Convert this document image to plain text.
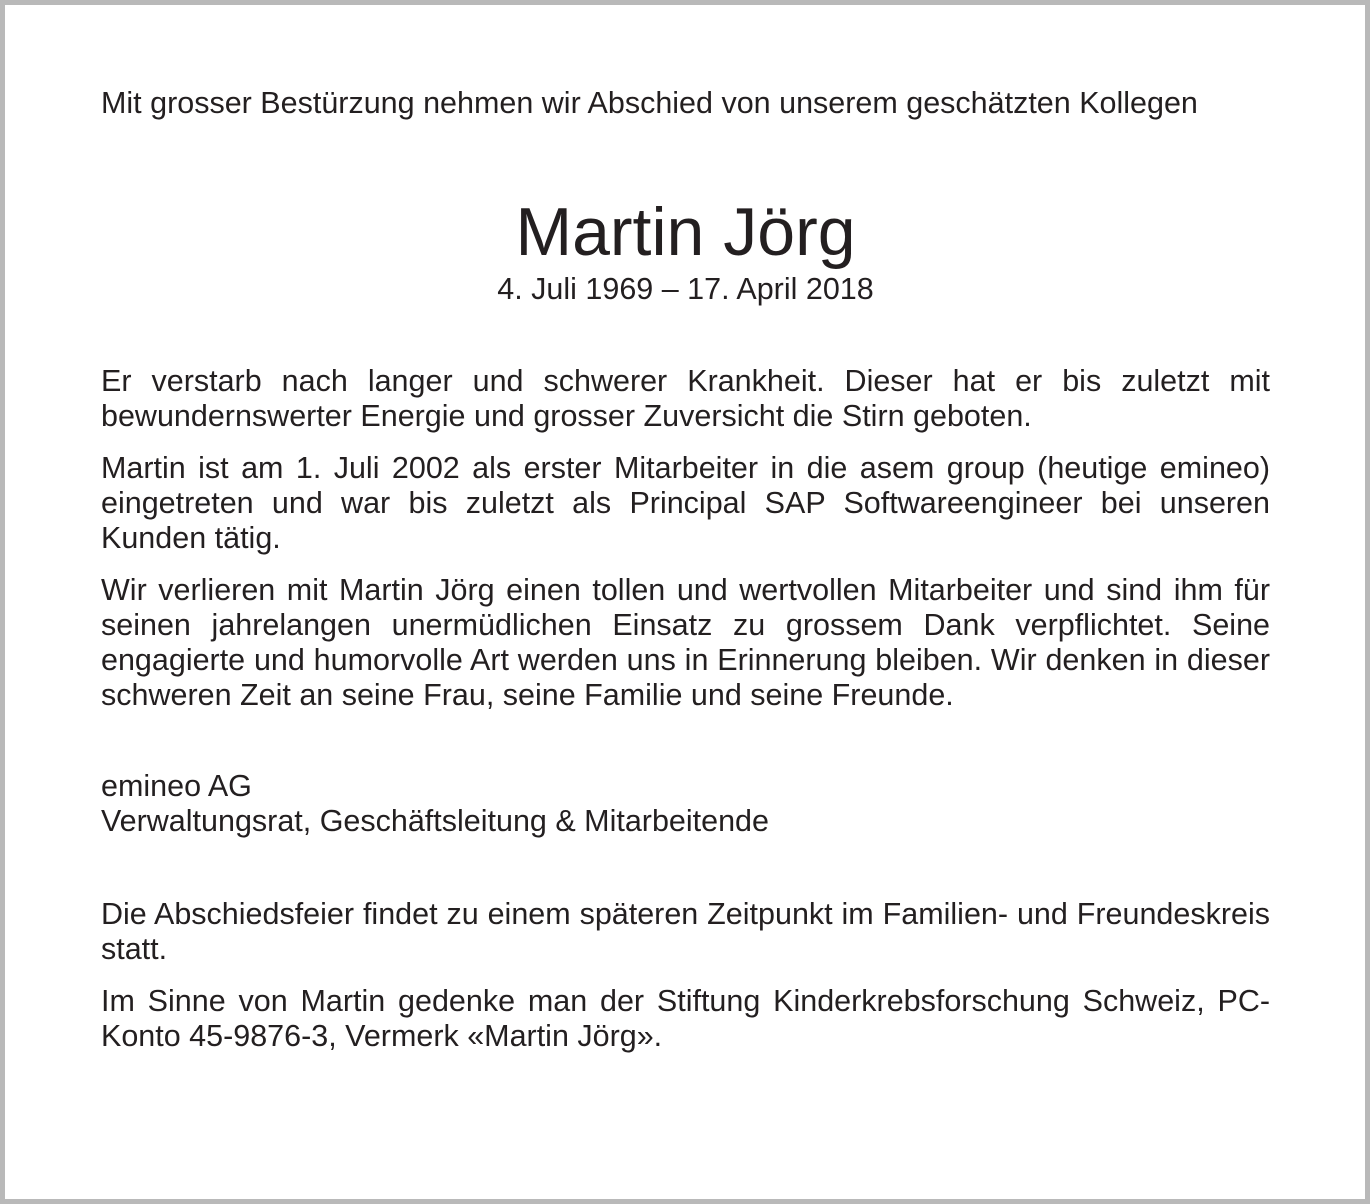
Mit grosser Bestürzung nehmen wir Abschied von unserem geschätzten Kollegen

Martin Jörg
4. Juli 1969 – 17. April 2018

Er verstarb nach langer und schwerer Krankheit. Dieser hat er bis zuletzt mit bewundernswerter Energie und grosser Zuversicht die Stirn geboten.

Martin ist am 1. Juli 2002 als erster Mitarbeiter in die asem group (heutige emineo) eingetreten und war bis zuletzt als Principal SAP Softwareengineer bei unseren Kunden tätig.

Wir verlieren mit Martin Jörg einen tollen und wertvollen Mitarbeiter und sind ihm für seinen jahrelangen unermüdlichen Einsatz zu grossem Dank verpflichtet. Seine engagierte und humorvolle Art werden uns in Erinnerung bleiben. Wir denken in dieser schweren Zeit an seine Frau, seine Familie und seine Freunde.

emineo AG
Verwaltungsrat, Geschäftsleitung & Mitarbeitende

Die Abschiedsfeier findet zu einem späteren Zeitpunkt im Familien- und Freundeskreis statt.

Im Sinne von Martin gedenke man der Stiftung Kinderkrebsforschung Schweiz, PC-Konto 45-9876-3, Vermerk «Martin Jörg».
